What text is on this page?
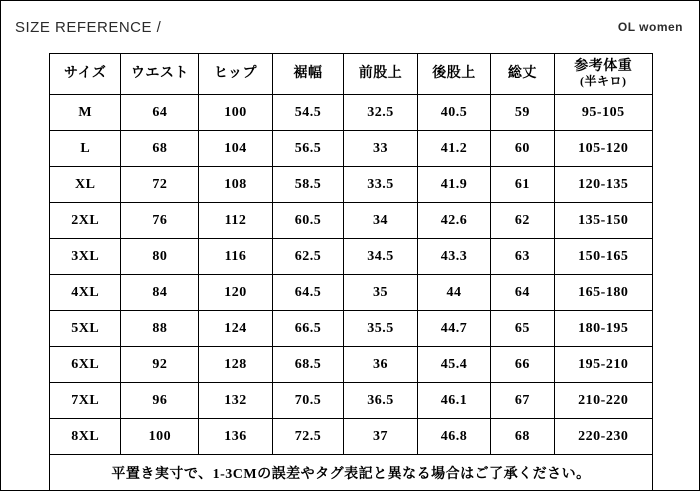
SIZE REFERENCE /	OL women
サイズ	ウエスト	ヒップ	裾幅	前股上	後股上	総丈	参考体重
(半キロ)

M	64	100	54.5	32.5	40.5	59	95-105
L	68	104	56.5	33	41.2	60	105-120
XL	72	108	58.5	33.5	41.9	61	120-135
2XL	76	112	60.5	34	42.6	62	135-150
3XL	80	116	62.5	34.5	43.3	63	150-165
4XL	84	120	64.5	35	44	64	165-180
5XL	88	124	66.5	35.5	44.7	65	180-195
6XL	92	128	68.5	36	45.4	66	195-210
7XL	96	132	70.5	36.5	46.1	67	210-220
8XL	100	136	72.5	37	46.8	68	220-230
平置き実寸で、1-3CMの誤差やタグ表記と異なる場合はご了承ください。							
